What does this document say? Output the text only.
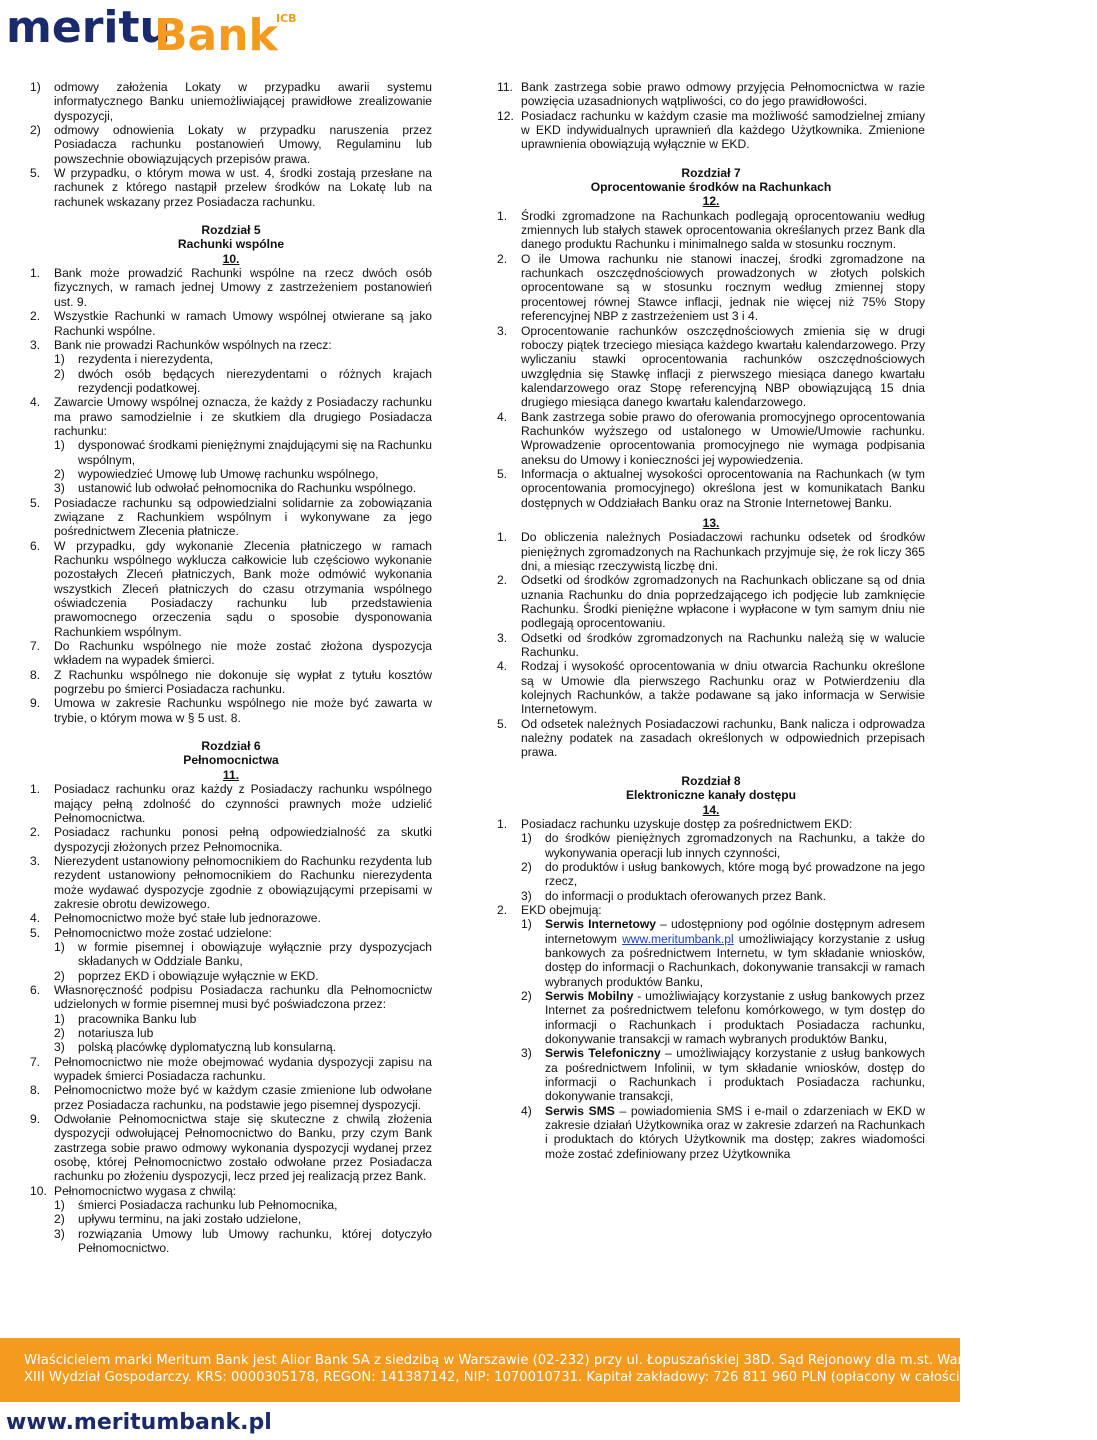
meritu
Bank
ICB

1) odmowy założenia Lokaty w przypadku awarii systemu informatycznego Banku uniemożliwiającej prawidłowe zrealizowanie dyspozycji,

2) odmowy odnowienia Lokaty w przypadku naruszenia przez Posiadacza rachunku postanowień Umowy, Regulaminu lub powszechnie obowiązujących przepisów prawa.

5. W przypadku, o którym mowa w ust. 4, środki zostają przesłane na rachunek z którego nastąpił przelew środków na Lokatę lub na rachunek wskazany przez Posiadacza rachunku.

Rozdział 5

Rachunki wspólne

10.

1. Bank może prowadzić Rachunki wspólne na rzecz dwóch osób fizycznych, w ramach jednej Umowy z zastrzeżeniem postanowień ust. 9.

2. Wszystkie Rachunki w ramach Umowy wspólnej otwierane są jako Rachunki wspólne.

3. Bank nie prowadzi Rachunków wspólnych na rzecz:

1) rezydenta i nierezydenta,

2) dwóch osób będących nierezydentami o różnych krajach rezydencji podatkowej.

4. Zawarcie Umowy wspólnej oznacza, że każdy z Posiadaczy rachunku ma prawo samodzielnie i ze skutkiem dla drugiego Posiadacza rachunku:

1) dysponować środkami pieniężnymi znajdującymi się na Rachunku wspólnym,

2) wypowiedzieć Umowę lub Umowę rachunku wspólnego,

3) ustanowić lub odwołać pełnomocnika do Rachunku wspólnego.

5. Posiadacze rachunku są odpowiedzialni solidarnie za zobowiązania związane z Rachunkiem wspólnym i wykonywane za jego pośrednictwem Zlecenia płatnicze.

6. W przypadku, gdy wykonanie Zlecenia płatniczego w ramach Rachunku wspólnego wyklucza całkowicie lub częściowo wykonanie pozostałych Zleceń płatniczych, Bank może odmówić wykonania wszystkich Zleceń płatniczych do czasu otrzymania wspólnego oświadczenia Posiadaczy rachunku lub przedstawienia prawomocnego orzeczenia sądu o sposobie dysponowania Rachunkiem wspólnym.

7. Do Rachunku wspólnego nie może zostać złożona dyspozycja wkładem na wypadek śmierci.

8. Z Rachunku wspólnego nie dokonuje się wypłat z tytułu kosztów pogrzebu po śmierci Posiadacza rachunku.

9. Umowa w zakresie Rachunku wspólnego nie może być zawarta w trybie, o którym mowa w § 5 ust. 8.

Rozdział 6

Pełnomocnictwa

11.

1. Posiadacz rachunku oraz każdy z Posiadaczy rachunku wspólnego mający pełną zdolność do czynności prawnych może udzielić Pełnomocnictwa.

2. Posiadacz rachunku ponosi pełną odpowiedzialność za skutki dyspozycji złożonych przez Pełnomocnika.

3. Nierezydent ustanowiony pełnomocnikiem do Rachunku rezydenta lub rezydent ustanowiony pełnomocnikiem do Rachunku nierezydenta może wydawać dyspozycje zgodnie z obowiązującymi przepisami w zakresie obrotu dewizowego.

4. Pełnomocnictwo może być stałe lub jednorazowe.

5. Pełnomocnictwo może zostać udzielone:

1) w formie pisemnej i obowiązuje wyłącznie przy dyspozycjach składanych w Oddziale Banku,

2) poprzez EKD i obowiązuje wyłącznie w EKD.

6. Własnoręczność podpisu Posiadacza rachunku dla Pełnomocnictw udzielonych w formie pisemnej musi być poświadczona przez:

1) pracownika Banku lub

2) notariusza lub

3) polską placówkę dyplomatyczną lub konsularną.

7. Pełnomocnictwo nie może obejmować wydania dyspozycji zapisu na wypadek śmierci Posiadacza rachunku.

8. Pełnomocnictwo może być w każdym czasie zmienione lub odwołane przez Posiadacza rachunku, na podstawie jego pisemnej dyspozycji.

9. Odwołanie Pełnomocnictwa staje się skuteczne z chwilą złożenia dyspozycji odwołującej Pełnomocnictwo do Banku, przy czym Bank zastrzega sobie prawo odmowy wykonania dyspozycji wydanej przez osobę, której Pełnomocnictwo zostało odwołane przez Posiadacza rachunku po złożeniu dyspozycji, lecz przed jej realizacją przez Bank.

10. Pełnomocnictwo wygasa z chwilą:

1) śmierci Posiadacza rachunku lub Pełnomocnika,

2) upływu terminu, na jaki zostało udzielone,

3) rozwiązania Umowy lub Umowy rachunku, której dotyczyło Pełnomocnictwo.

11. Bank zastrzega sobie prawo odmowy przyjęcia Pełnomocnictwa w razie powzięcia uzasadnionych wątpliwości, co do jego prawidłowości.

12. Posiadacz rachunku w każdym czasie ma możliwość samodzielnej zmiany w EKD indywidualnych uprawnień dla każdego Użytkownika. Zmienione uprawnienia obowiązują wyłącznie w EKD.

Rozdział 7

Oprocentowanie środków na Rachunkach

12.

1. Środki zgromadzone na Rachunkach podlegają oprocentowaniu według zmiennych lub stałych stawek oprocentowania określanych przez Bank dla danego produktu Rachunku i minimalnego salda w stosunku rocznym.

2. O ile Umowa rachunku nie stanowi inaczej, środki zgromadzone na rachunkach oszczędnościowych prowadzonych w złotych polskich oprocentowane są w stosunku rocznym według zmiennej stopy procentowej równej Stawce inflacji, jednak nie więcej niż 75% Stopy referencyjnej NBP z zastrzeżeniem ust 3 i 4.

3. Oprocentowanie rachunków oszczędnościowych zmienia się w drugi roboczy piątek trzeciego miesiąca każdego kwartału kalendarzowego. Przy wyliczaniu stawki oprocentowania rachunków oszczędnościowych uwzględnia się Stawkę inflacji z pierwszego miesiąca danego kwartału kalendarzowego oraz Stopę referencyjną NBP obowiązującą 15 dnia drugiego miesiąca danego kwartału kalendarzowego.

4. Bank zastrzega sobie prawo do oferowania promocyjnego oprocentowania Rachunków wyższego od ustalonego w Umowie/Umowie rachunku. Wprowadzenie oprocentowania promocyjnego nie wymaga podpisania aneksu do Umowy i konieczności jej wypowiedzenia.

5. Informacja o aktualnej wysokości oprocentowania na Rachunkach (w tym oprocentowania promocyjnego) określona jest w komunikatach Banku dostępnych w Oddziałach Banku oraz na Stronie Internetowej Banku.

13.

1. Do obliczenia należnych Posiadaczowi rachunku odsetek od środków pieniężnych zgromadzonych na Rachunkach przyjmuje się, że rok liczy 365 dni, a miesiąc rzeczywistą liczbę dni.

2. Odsetki od środków zgromadzonych na Rachunkach obliczane są od dnia uznania Rachunku do dnia poprzedzającego ich podjęcie lub zamknięcie Rachunku. Środki pieniężne wpłacone i wypłacone w tym samym dniu nie podlegają oprocentowaniu.

3. Odsetki od środków zgromadzonych na Rachunku należą się w walucie Rachunku.

4. Rodzaj i wysokość oprocentowania w dniu otwarcia Rachunku określone są w Umowie dla pierwszego Rachunku oraz w Potwierdzeniu dla kolejnych Rachunków, a także podawane są jako informacja w Serwisie Internetowym.

5. Od odsetek należnych Posiadaczowi rachunku, Bank nalicza i odprowadza należny podatek na zasadach określonych w odpowiednich przepisach prawa.

Rozdział 8

Elektroniczne kanały dostępu

14.

1. Posiadacz rachunku uzyskuje dostęp za pośrednictwem EKD:

1) do środków pieniężnych zgromadzonych na Rachunku, a także do wykonywania operacji lub innych czynności,

2) do produktów i usług bankowych, które mogą być prowadzone na jego rzecz,

3) do informacji o produktach oferowanych przez Bank.

2. EKD obejmują:

1) Serwis Internetowy – udostępniony pod ogólnie dostępnym adresem internetowym www.meritumbank.pl umożliwiający korzystanie z usług bankowych za pośrednictwem Internetu, w tym składanie wniosków, dostęp do informacji o Rachunkach, dokonywanie transakcji w ramach wybranych produktów Banku,

2) Serwis Mobilny - umożliwiający korzystanie z usług bankowych przez Internet za pośrednictwem telefonu komórkowego, w tym dostęp do informacji o Rachunkach i produktach Posiadacza rachunku, dokonywanie transakcji w ramach wybranych produktów Banku,

3) Serwis Telefoniczny – umożliwiający korzystanie z usług bankowych za pośrednictwem Infolinii, w tym składanie wniosków, dostęp do informacji o Rachunkach i produktach Posiadacza rachunku, dokonywanie transakcji,

4) Serwis SMS – powiadomienia SMS i e-mail o zdarzeniach w EKD w zakresie działań Użytkownika oraz w zakresie zdarzeń na Rachunkach i produktach do których Użytkownik ma dostęp; zakres wiadomości może zostać zdefiniowany przez Użytkownika

Właścicielem marki Meritum Bank jest Alior Bank SA z siedzibą w Warszawie (02-232) przy ul. Łopuszańskiej 38D. Sąd Rejonowy dla m.st. Warszawy w Warszawie,
XIII Wydział Gospodarczy. KRS: 0000305178, REGON: 141387142, NIP: 1070010731. Kapitał zakładowy: 726 811 960 PLN (opłacony w całości).
www.meritumbank.pl
